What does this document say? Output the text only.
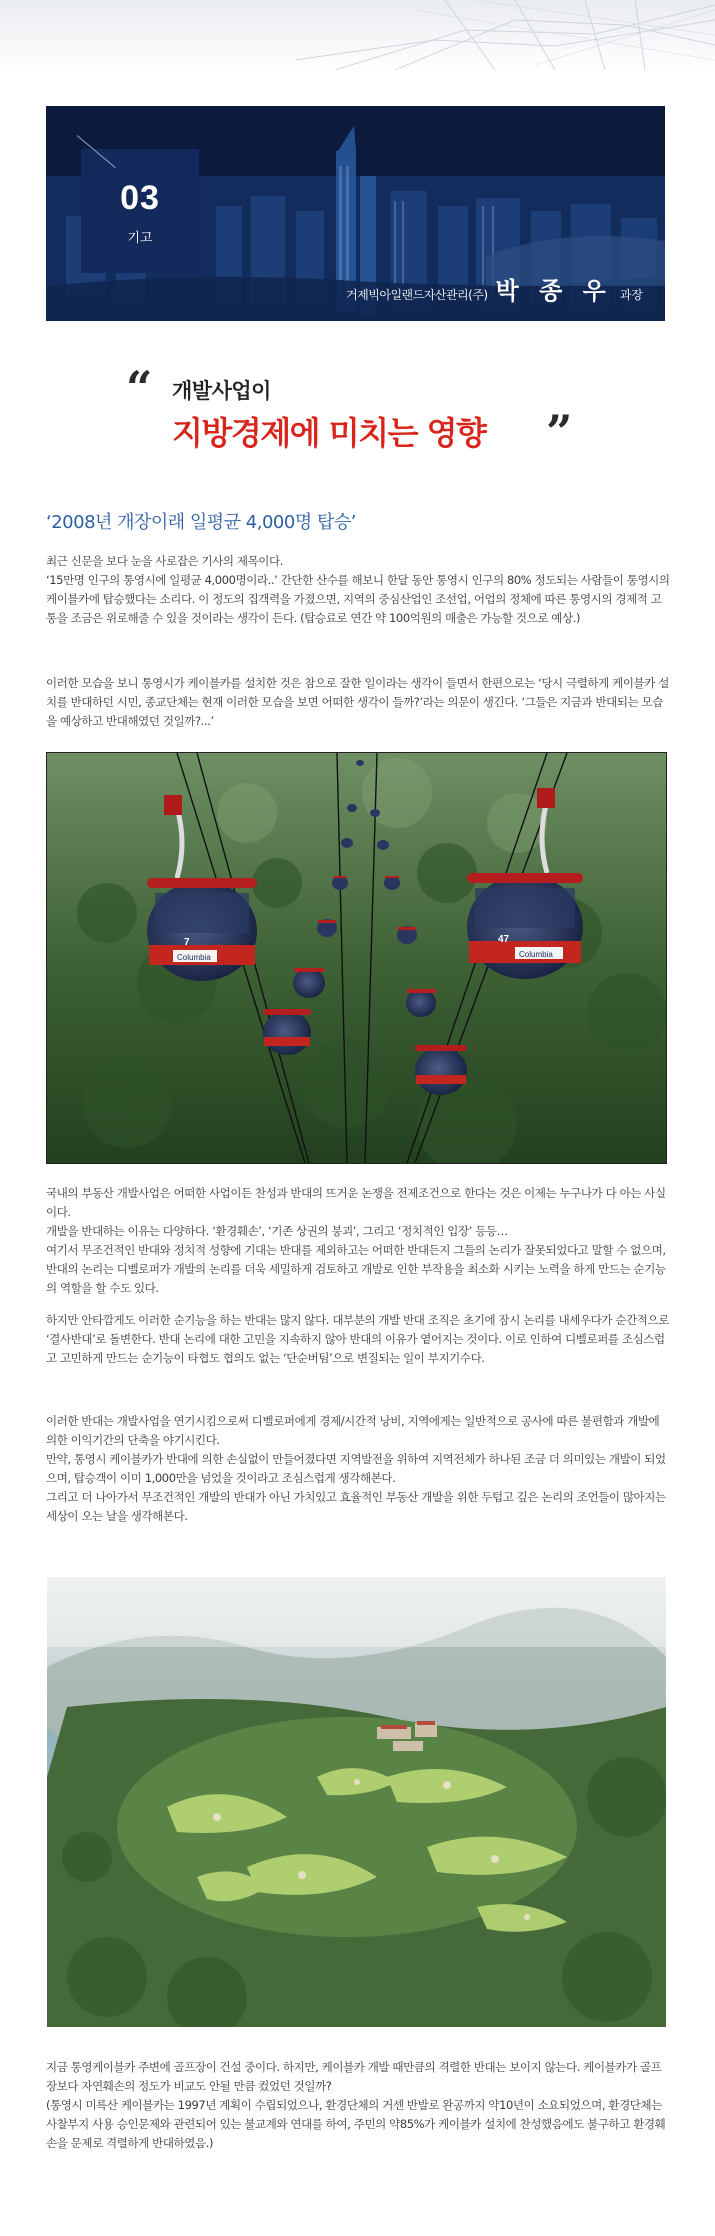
03
기고
거제빅아일랜드자산관리(주) 박 종 우 과장
“ 개발사업이
지방경제에 미치는 영향 ”
‘2008년 개장이래 일평균 4,000명 탑승’

최근 신문을 보다 눈을 사로잡은 기사의 제목이다.

‘15만명 인구의 통영시에 일평균 4,000명이라..’ 간단한 산수를 해보니 한달 동안 통영시 인구의 80% 정도되는 사람들이 통영시의 케이블카에 탑승했다는 소리다. 이 정도의 집객력을 가졌으면, 지역의 중심산업인 조선업, 어업의 정체에 따른 통영시의 경제적 고통을 조금은 위로해줄 수 있을 것이라는 생각이 든다. (탑승료로 연간 약 100억원의 매출은 가능할 것으로 예상.)

이러한 모습을 보니 통영시가 케이블카를 설치한 것은 참으로 잘한 일이라는 생각이 들면서 한편으로는 ‘당시 극렬하게 케이블카 설치를 반대하던 시민, 종교단체는 현재 이러한 모습을 보면 어떠한 생각이 들까?’라는 의문이 생긴다. ‘그들은 지금과 반대되는 모습을 예상하고 반대해였던 것일까?...’

Columbia
7
Columbia
47

국내의 부동산 개발사업은 어떠한 사업이든 찬성과 반대의 뜨거운 논쟁을 전제조건으로 한다는 것은 이제는 누구나가 다 아는 사실이다.

개발을 반대하는 이유는 다양하다. ‘환경훼손’, ‘기존 상권의 붕괴’, 그리고 ‘정치적인 입장’ 등등…

여기서 무조건적인 반대와 정치적 성향에 기대는 반대를 제외하고는 어떠한 반대든지 그들의 논리가 잘못되었다고 말할 수 없으며, 반대의 논리는 디벨로퍼가 개발의 논리를 더욱 세밀하게 검토하고 개발로 인한 부작용을 최소화 시키는 노력을 하게 만드는 순기능의 역할을 할 수도 있다.

하지만 안타깝게도 이러한 순기능을 하는 반대는 많지 않다. 대부분의 개발 반대 조직은 초기에 잠시 논리를 내세우다가 순간적으로 ‘결사반대’로 돌변한다. 반대 논리에 대한 고민을 지속하지 않아 반대의 이유가 옅어지는 것이다. 이로 인하여 디벨로퍼를 조심스럽고 고민하게 만드는 순기능이 타협도 협의도 없는 ‘단순버팀’으로 변질되는 일이 부지기수다.

이러한 반대는 개발사업을 연기시킴으로써 디벨로퍼에게 경제/시간적 낭비, 지역에게는 일반적으로 공사에 따른 불편함과 개발에 의한 이익기간의 단축을 야기시킨다.

만약, 통영시 케이블카가 반대에 의한 손실없이 만들어졌다면 지역발전을 위하여 지역전체가 하나된 조금 더 의미있는 개발이 되었으며, 탑승객이 이미 1,000만을 넘었을 것이라고 조심스럽게 생각해본다.

그리고 더 나아가서 무조건적인 개발의 반대가 아닌 가치있고 효율적인 부동산 개발을 위한 두텁고 깊은 논리의 조언들이 많아지는 세상이 오는 날을 생각해본다.

지금 통영케이블카 주변에 골프장이 건설 중이다. 하지만, 케이블카 개발 때만큼의 격렬한 반대는 보이지 않는다. 케이블카가 골프장보다 자연훼손의 정도가 비교도 안될 만큼 컸었던 것일까?

(통영시 미륵산 케이블카는 1997년 계획이 수립되었으나, 환경단체의 거센 반발로 완공까지 약10년이 소요되었으며, 환경단체는 사찰부지 사용 승인문제와 관련되어 있는 불교계와 연대를 하여, 주민의 약85%가 케이블카 설치에 찬성했음에도 불구하고 환경훼손을 문제로 격렬하게 반대하였음.)
